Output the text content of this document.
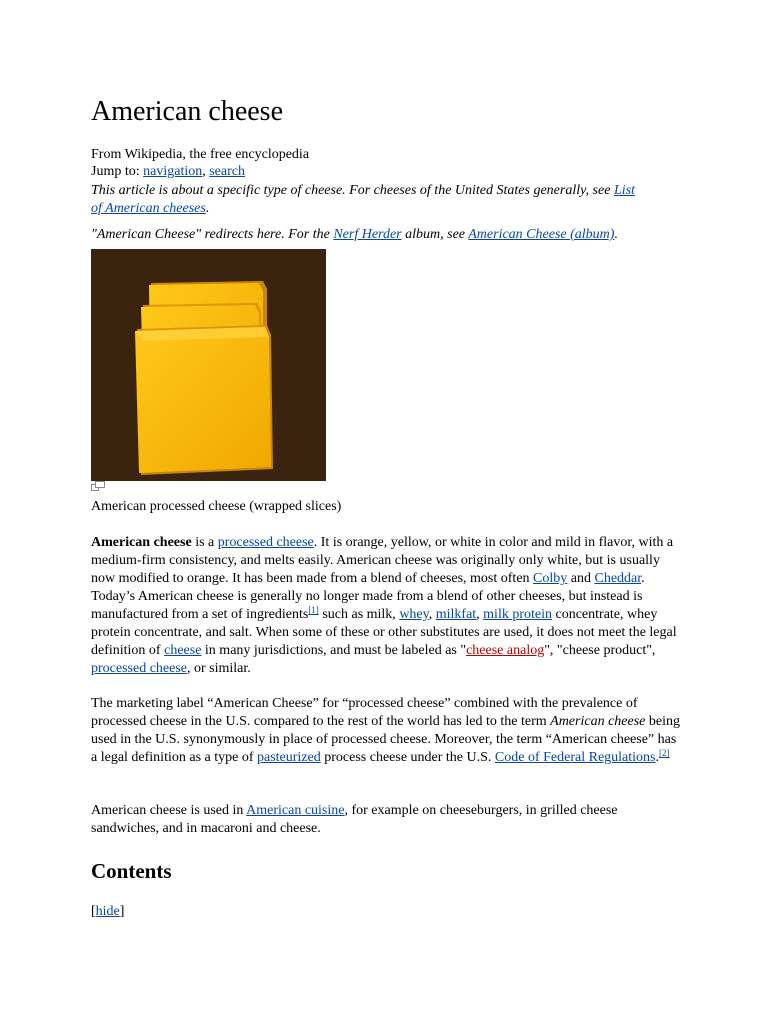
American cheese
From Wikipedia, the free encyclopedia
Jump to: navigation, search
This article is about a specific type of cheese. For cheeses of the United States generally, see List
of American cheeses.
"American Cheese" redirects here. For the Nerf Herder album, see American Cheese (album).
American processed cheese (wrapped slices)
American cheese is a processed cheese. It is orange, yellow, or white in color and mild in flavor, with a medium-firm consistency, and melts easily. American cheese was originally only white, but is usually now modified to orange. It has been made from a blend of cheeses, most often Colby and Cheddar. Today’s American cheese is generally no longer made from a blend of other cheeses, but instead is manufactured from a set of ingredients[1] such as milk, whey, milkfat, milk protein concentrate, whey protein concentrate, and salt. When some of these or other substitutes are used, it does not meet the legal definition of cheese in many jurisdictions, and must be labeled as "cheese analog", "cheese product", processed cheese, or similar.
The marketing label “American Cheese” for “processed cheese” combined with the prevalence of processed cheese in the U.S. compared to the rest of the world has led to the term American cheese being used in the U.S. synonymously in place of processed cheese. Moreover, the term “American cheese” has a legal definition as a type of pasteurized process cheese under the U.S. Code of Federal Regulations.[2]
American cheese is used in American cuisine, for example on cheeseburgers, in grilled cheese sandwiches, and in macaroni and cheese.
Contents
[hide]
